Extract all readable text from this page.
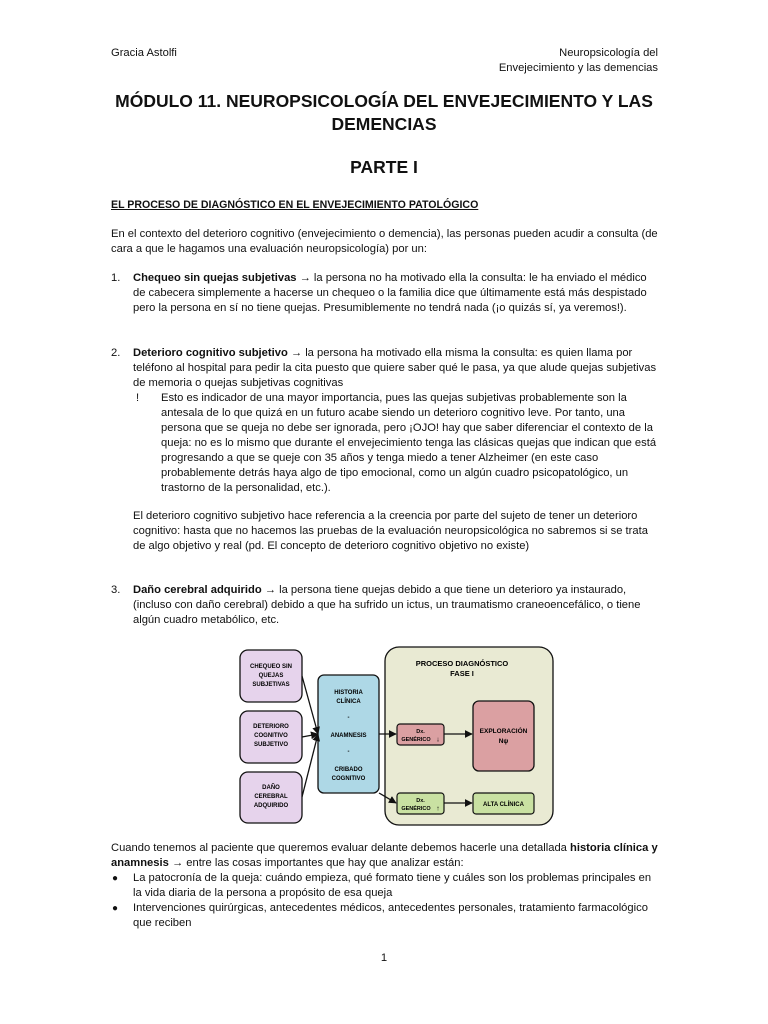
Gracia Astolfi	Neuropsicología del
Envejecimiento y las demencias
MÓDULO 11. NEUROPSICOLOGÍA DEL ENVEJECIMIENTO Y LAS
DEMENCIAS
PARTE I
EL PROCESO DE DIAGNÓSTICO EN EL ENVEJECIMIENTO PATOLÓGICO
En el contexto del deterioro cognitivo (envejecimiento o demencia), las personas pueden acudir a consulta (de cara a que le hagamos una evaluación neuropsicología) por un:
1. Chequeo sin quejas subjetivas → la persona no ha motivado ella la consulta: le ha enviado el médico de cabecera simplemente a hacerse un chequeo o la familia dice que últimamente está más despistado pero la persona en sí no tiene quejas. Presumiblemente no tendrá nada (¡o quizás sí, ya veremos!).
2. Deterioro cognitivo subjetivo → la persona ha motivado ella misma la consulta: es quien llama por teléfono al hospital para pedir la cita puesto que quiere saber qué le pasa, ya que alude quejas subjetivas de memoria o quejas subjetivas cognitivas
! Esto es indicador de una mayor importancia, pues las quejas subjetivas probablemente son la antesala de lo que quizá en un futuro acabe siendo un deterioro cognitivo leve. Por tanto, una persona que se queja no debe ser ignorada, pero ¡OJO! hay que saber diferenciar el contexto de la queja: no es lo mismo que durante el envejecimiento tenga las clásicas quejas que indican que está progresando a que se queje con 35 años y tenga miedo a tener Alzheimer (en este caso probablemente detrás haya algo de tipo emocional, como un algún cuadro psicopatológico, un trastorno de la personalidad, etc.).
El deterioro cognitivo subjetivo hace referencia a la creencia por parte del sujeto de tener un deterioro cognitivo: hasta que no hacemos las pruebas de la evaluación neuropsicológica no sabremos si se trata de algo objetivo y real (pd. El concepto de deterioro cognitivo objetivo no existe)
3. Daño cerebral adquirido → la persona tiene quejas debido a que tiene un deterioro ya instaurado, (incluso con daño cerebral) debido a que ha sufrido un ictus, un traumatismo craneoencefálico, o tiene algún cuadro metabólico, etc.
PROCESO DIAGNÓSTICO
FASE I
CHEQUEO SIN
QUEJAS
SUBJETIVAS
DETERIORO
COGNITIVO
SUBJETIVO
DAÑO
CEREBRAL
ADQUIRIDO
HISTORIA
CLÍNICA
-
ANAMNESIS
-
CRIBADO
COGNITIVO
Dx.
GENÉRICO ↓
EXPLORACIÓN
Nψ
Dx.
GENÉRICO ↑
ALTA CLÍNICA
Cuando tenemos al paciente que queremos evaluar delante debemos hacerle una detallada historia clínica y anamnesis → entre las cosas importantes que hay que analizar están:
● La patocronía de la queja: cuándo empieza, qué formato tiene y cuáles son los problemas principales en la vida diaria de la persona a propósito de esa queja
● Intervenciones quirúrgicas, antecedentes médicos, antecedentes personales, tratamiento farmacológico que reciben
1
